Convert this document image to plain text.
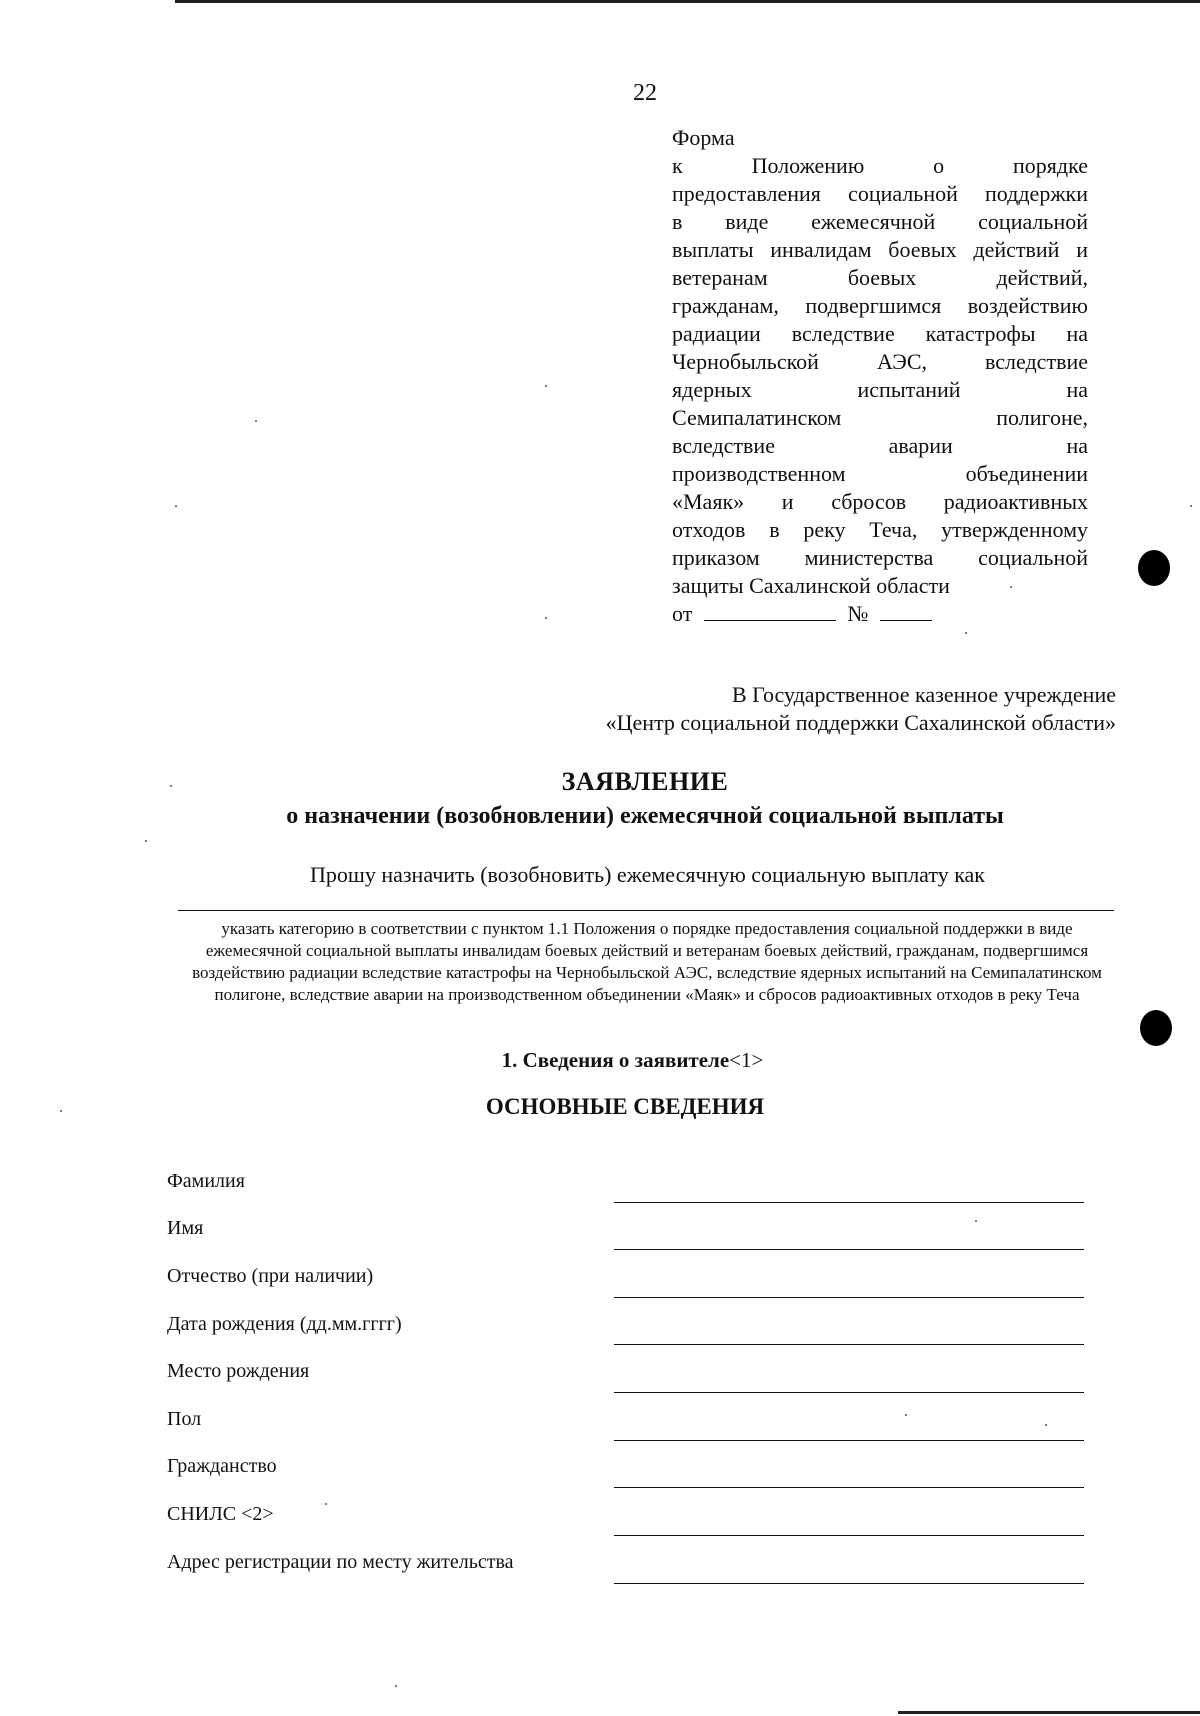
22
Форма
к Положению о порядке
предоставления социальной поддержки
в виде ежемесячной социальной
выплаты инвалидам боевых действий и
ветеранам боевых действий,
гражданам, подвергшимся воздействию
радиации вследствие катастрофы на
Чернобыльской АЭС, вследствие
ядерных испытаний на
Семипалатинском полигоне,
вследствие аварии на
производственном объединении
«Маяк» и сбросов радиоактивных
отходов в реку Теча, утвержденному
приказом министерства социальной
защиты Сахалинской области
от	№
В Государственное казенное учреждение
«Центр социальной поддержки Сахалинской области»
ЗАЯВЛЕНИЕ
о назначении (возобновлении) ежемесячной социальной выплаты
Прошу назначить (возобновить) ежемесячную социальную выплату как
указать категорию в соответствии с пунктом 1.1 Положения о порядке предоставления социальной поддержки в виде ежемесячной социальной выплаты инвалидам боевых действий и ветеранам боевых действий, гражданам, подвергшимся воздействию радиации вследствие катастрофы на Чернобыльской АЭС, вследствие ядерных испытаний на Семипалатинском полигоне, вследствие аварии на производственном объединении «Маяк» и сбросов радиоактивных отходов в реку Теча
1. Сведения о заявителе<1>
ОСНОВНЫЕ СВЕДЕНИЯ
Фамилия
Имя
Отчество (при наличии)
Дата рождения (дд.мм.гггг)
Место рождения
Пол
Гражданство
СНИЛС <2>
Адрес регистрации по месту жительства
